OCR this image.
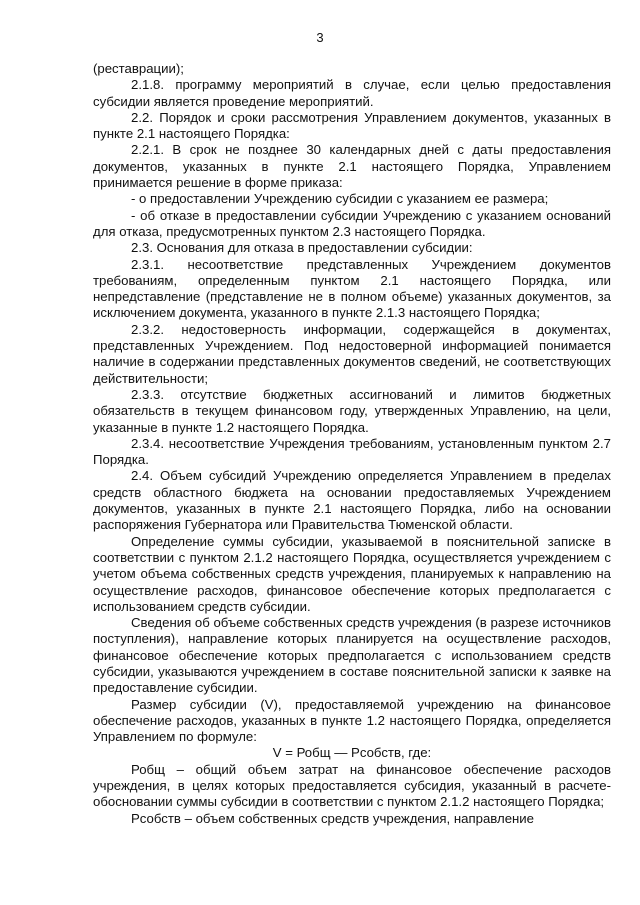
3

(реставрации);

2.1.8. программу мероприятий в случае, если целью предоставления субсидии является проведение мероприятий.

2.2. Порядок и сроки рассмотрения Управлением документов, указанных в пункте 2.1 настоящего Порядка:

2.2.1. В срок не позднее 30 календарных дней с даты предоставления документов, указанных в пункте 2.1 настоящего Порядка, Управлением принимается решение в форме приказа:

- о предоставлении Учреждению субсидии с указанием ее размера;

- об отказе в предоставлении субсидии Учреждению с указанием оснований для отказа, предусмотренных пунктом 2.3 настоящего Порядка.

2.3. Основания для отказа в предоставлении субсидии:

2.3.1. несоответствие представленных Учреждением документов требованиям, определенным пунктом 2.1 настоящего Порядка, или непредставление (представление не в полном объеме) указанных документов, за исключением документа, указанного в пункте 2.1.3 настоящего Порядка;

2.3.2. недостоверность информации, содержащейся в документах, представленных Учреждением. Под недостоверной информацией понимается наличие в содержании представленных документов сведений, не соответствующих действительности;

2.3.3. отсутствие бюджетных ассигнований и лимитов бюджетных обязательств в текущем финансовом году, утвержденных Управлению, на цели, указанные в пункте 1.2 настоящего Порядка.

2.3.4. несоответствие Учреждения требованиям, установленным пунктом 2.7 Порядка.

2.4. Объем субсидий Учреждению определяется Управлением в пределах средств областного бюджета на основании предоставляемых Учреждением документов, указанных в пункте 2.1 настоящего Порядка, либо на основании распоряжения Губернатора или Правительства Тюменской области.

Определение суммы субсидии, указываемой в пояснительной записке в соответствии с пунктом 2.1.2 настоящего Порядка, осуществляется учреждением с учетом объема собственных средств учреждения, планируемых к направлению на осуществление расходов, финансовое обеспечение которых предполагается с использованием средств субсидии.

Сведения об объеме собственных средств учреждения (в разрезе источников поступления), направление которых планируется на осуществление расходов, финансовое обеспечение которых предполагается с использованием средств субсидии, указываются учреждением в составе пояснительной записки к заявке на предоставление субсидии.

Размер субсидии (V), предоставляемой учреждению на финансовое обеспечение расходов, указанных в пункте 1.2 настоящего Порядка, определяется Управлением по формуле:

V = Робщ — Рсобств, где:

Робщ – общий объем затрат на финансовое обеспечение расходов учреждения, в целях которых предоставляется субсидия, указанный в расчете-обосновании суммы субсидии в соответствии с пунктом 2.1.2 настоящего Порядка;

Рсобств – объем собственных средств учреждения, направление
